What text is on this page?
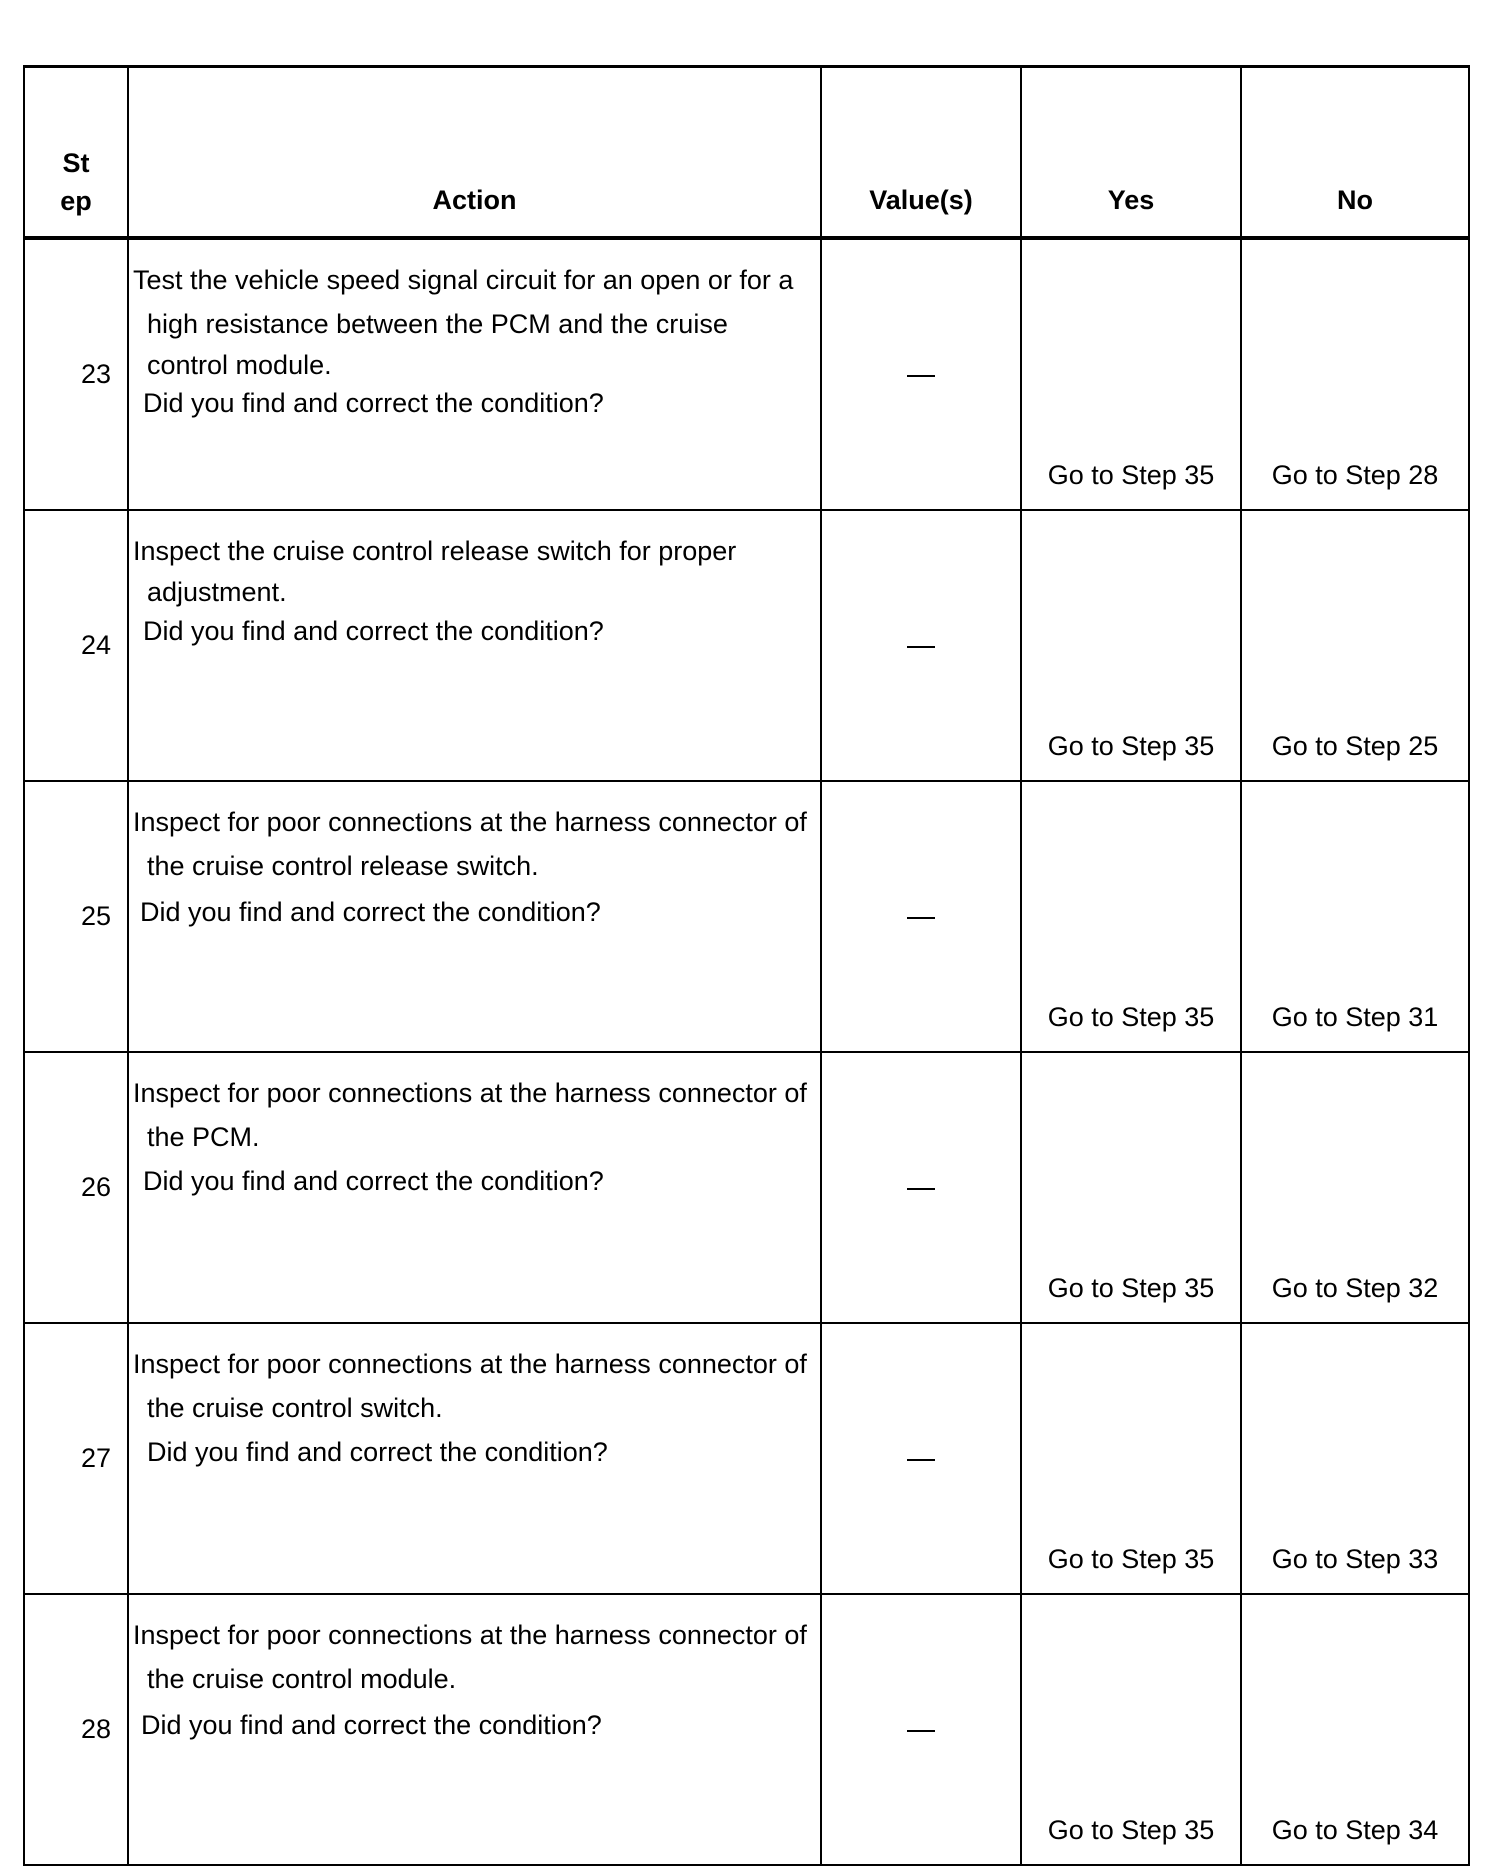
St
ep	Action	Value(s)	Yes	No
23	Test the vehicle speed signal circuit for an open or for a
high resistance between the PCM and the cruise
control module.
Did you find and correct the condition?		Go to Step 35	Go to Step 28
24	Inspect the cruise control release switch for proper
adjustment.
Did you find and correct the condition?		Go to Step 35	Go to Step 25
25	Inspect for poor connections at the harness connector of
the cruise control release switch.
Did you find and correct the condition?		Go to Step 35	Go to Step 31
26	Inspect for poor connections at the harness connector of
the PCM.
Did you find and correct the condition?		Go to Step 35	Go to Step 32
27	Inspect for poor connections at the harness connector of
the cruise control switch.
Did you find and correct the condition?		Go to Step 35	Go to Step 33
28	Inspect for poor connections at the harness connector of
the cruise control module.
Did you find and correct the condition?		Go to Step 35	Go to Step 34
